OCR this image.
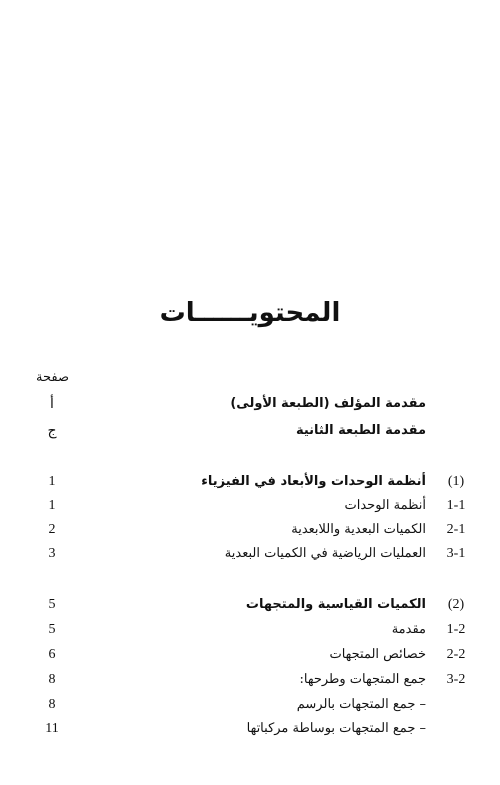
المحتويــــــات
صفحة
مقدمة المؤلف (الطبعة الأولى)
أ
مقدمة الطبعة الثانية
ج
(1)
أنظمة الوحدات والأبعاد في الفيزياء
1
1-1
أنظمة الوحدات
1
2-1
الكميات البعدية واللابعدية
2
3-1
العمليات الرياضية في الكميات البعدية
3
(2)
الكميات القياسية والمتجهات
5
1-2
مقدمة
5
2-2
خصائص المتجهات
6
3-2
جمع المتجهات وطرحها:
8
– جمع المتجهات بالرسم
8
– جمع المتجهات بوساطة مركباتها
11
